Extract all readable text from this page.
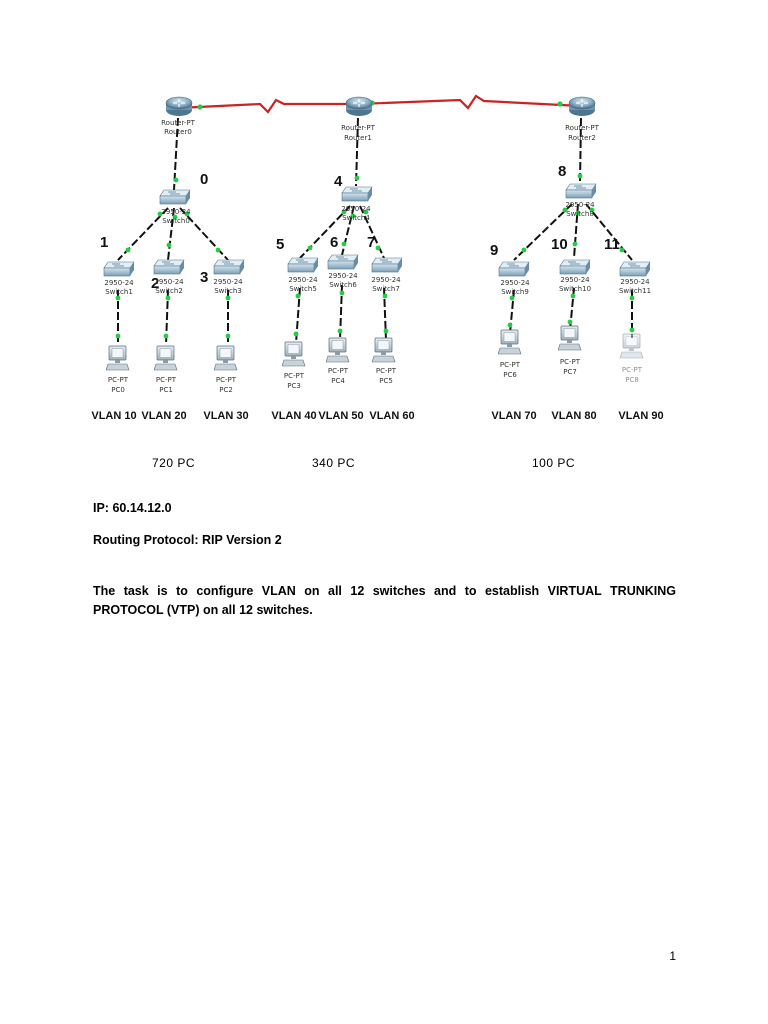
Router-PT
Router0	Router-PT
Router1
Router-PT
Router2
0
2950-24
Switch0
4
2950-24
Switch4
8
2950-24
Switch8
1
2950-24
Switch1 2
2950-24
Switch2
3 2950-24
Switch3
5
2950-24
Switch5
6
2950-24
Switch6
7
2950-24
Switch7
9
2950-24
Switch9
10
2950-24
Switch10
11
2950-24
Switch11
PC-PT
PC0
PC-PT
PC1
PC-PT
PC2
PC-PT
PC3
PC-PT
PC4
PC-PT
PC5
PC-PT
PC6
PC-PT
PC7	PC-PT
PC8
VLAN 10 VLAN 20 VLAN 30 VLAN 40 VLAN 50 VLAN 60	VLAN 70 VLAN 80 VLAN 90
720 PC	340 PC	100 PC
IP: 60.14.12.0
Routing Protocol: RIP Version 2
The task is to configure VLAN on all 12 switches and to establish VIRTUAL TRUNKING PROTOCOL (VTP) on all 12 switches.
1
